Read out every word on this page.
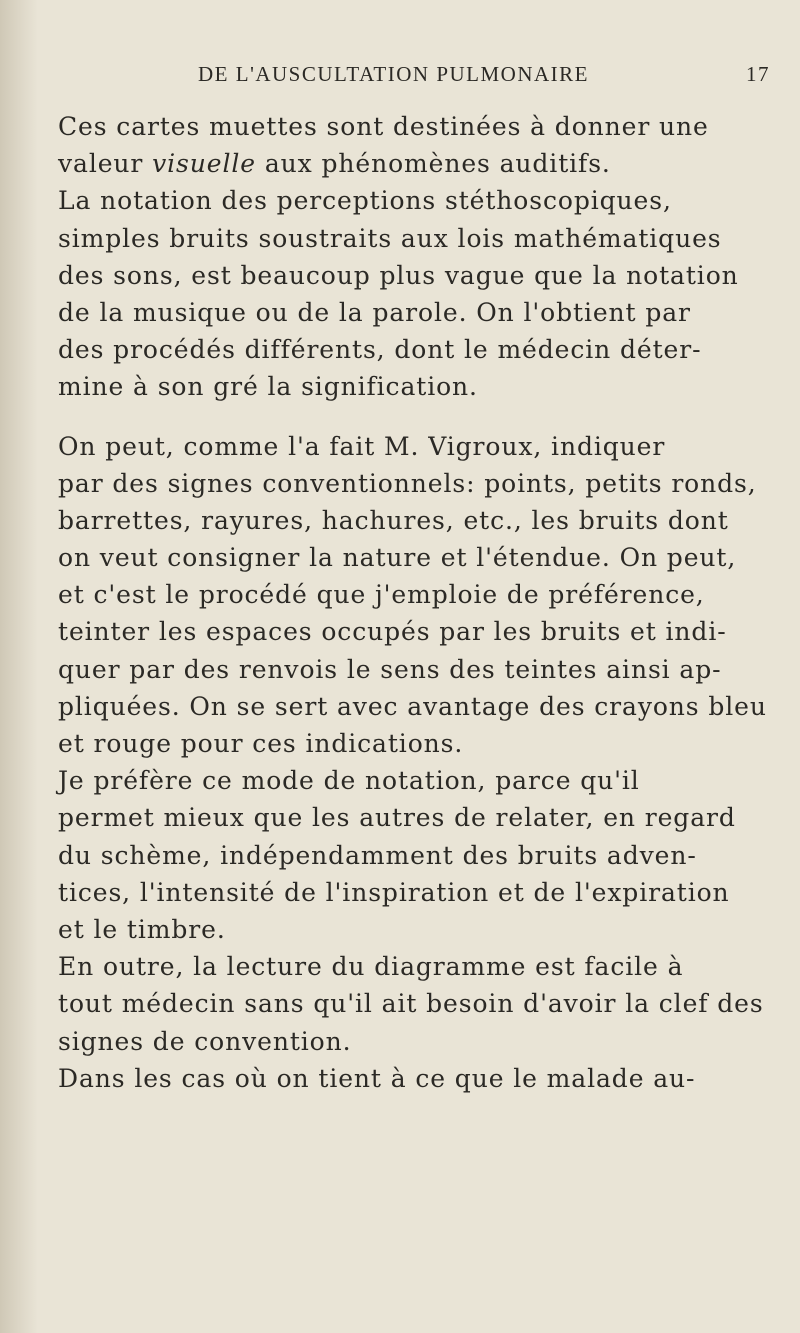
DE L'AUSCULTATION PULMONAIRE	17
Ces cartes muettes sont destinées à donner une
valeur visuelle aux phénomènes auditifs.
La notation des perceptions stéthoscopiques,
simples bruits soustraits aux lois mathématiques
des sons, est beaucoup plus vague que la notation
de la musique ou de la parole. On l'obtient par
des procédés différents, dont le médecin déter-
mine à son gré la signification.
On peut, comme l'a fait M. Vigroux, indiquer
par des signes conventionnels: points, petits ronds,
barrettes, rayures, hachures, etc., les bruits dont
on veut consigner la nature et l'étendue. On peut,
et c'est le procédé que j'emploie de préférence,
teinter les espaces occupés par les bruits et indi-
quer par des renvois le sens des teintes ainsi ap-
pliquées. On se sert avec avantage des crayons bleu
et rouge pour ces indications.
Je préfère ce mode de notation, parce qu'il
permet mieux que les autres de relater, en regard
du schème, indépendamment des bruits adven-
tices, l'intensité de l'inspiration et de l'expiration
et le timbre.
En outre, la lecture du diagramme est facile à
tout médecin sans qu'il ait besoin d'avoir la clef des
signes de convention.
Dans les cas où on tient à ce que le malade au-
